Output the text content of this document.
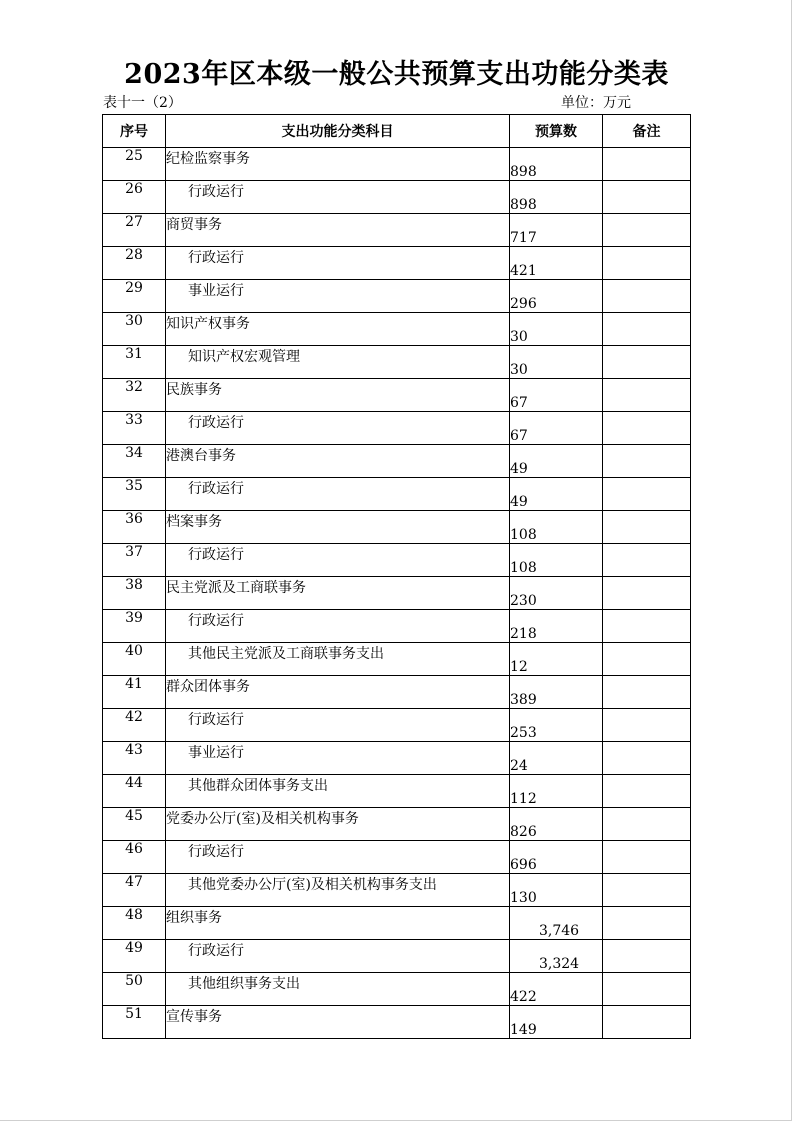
2023年区本级一般公共预算支出功能分类表
表十一（2）	单位：万元
序号	支出功能分类科目	预算数	备注
25	纪检监察事务	898	
26	行政运行	898	
27	商贸事务	717	
28	行政运行	421	
29	事业运行	296	
30	知识产权事务	30	
31	知识产权宏观管理	30	
32	民族事务	67	
33	行政运行	67	
34	港澳台事务	49	
35	行政运行	49	
36	档案事务	108	
37	行政运行	108	
38	民主党派及工商联事务	230	
39	行政运行	218	
40	其他民主党派及工商联事务支出	12	
41	群众团体事务	389	
42	行政运行	253	
43	事业运行	24	
44	其他群众团体事务支出	112	
45	党委办公厅(室)及相关机构事务	826	
46	行政运行	696	
47	其他党委办公厅(室)及相关机构事务支出	130	
48	组织事务	3,746	
49	行政运行	3,324	
50	其他组织事务支出	422	
51	宣传事务	149	
